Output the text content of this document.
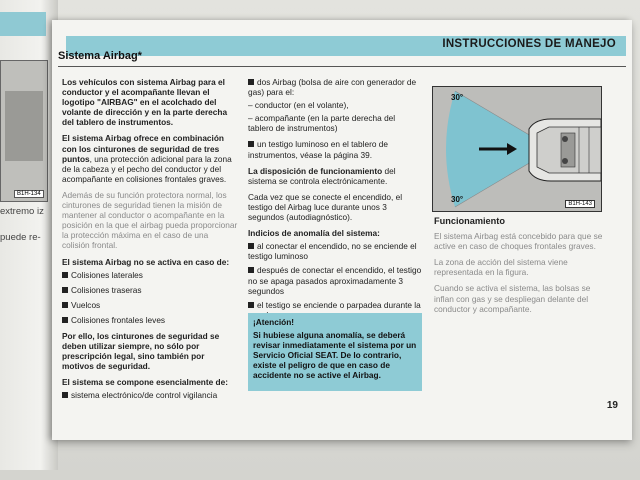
B1H-134
extremo iz
puede re-
INSTRUCCIONES DE MANEJO
Sistema Airbag*

Los vehículos con sistema Airbag para el conductor y el acompañante llevan el logotipo "AIRBAG" en el acolchado del volante de dirección y en la parte derecha del tablero de instrumentos.

El sistema Airbag ofrece en combinación con los cinturones de seguridad de tres puntos, una protección adicional para la zona de la cabeza y el pecho del conductor y del acompañante en colisiones frontales graves.

Además de su función protectora normal, los cinturones de seguridad tienen la misión de mantener al conductor o acompañante en la posición en la que el airbag pueda proporcionar la protección máxima en el caso de una colisión frontal.

El sistema Airbag no se activa en caso de:

Colisiones laterales
Colisiones traseras
Vuelcos
Colisiones frontales leves

Por ello, los cinturones de seguridad se deben utilizar siempre, no sólo por prescripción legal, sino también por motivos de seguridad.

El sistema se compone esencialmente de:

sistema electrónico/de control vigilancia

dos Airbag (bolsa de aire con generador de gas) para el:

– conductor (en el volante),

– acompañante (en la parte derecha del tablero de instrumentos)

un testigo luminoso en el tablero de instrumentos, véase la página 39.

La disposición de funcionamiento del sistema se controla electrónicamente.

Cada vez que se conecte el encendido, el testigo del Airbag luce durante unos 3 segundos (autodiagnóstico).

Indicios de anomalía del sistema:

al conectar el encendido, no se enciende el testigo luminoso

después de conectar el encendido, el testigo no se apaga pasados aproximadamente 3 segundos

el testigo se enciende o parpadea durante la

¡Atención!
Si hubiese alguna anomalía, se deberá revisar inmediatamente el sistema por un Servicio Oficial SEAT. De lo contrario, existe el peligro de que en caso de accidente no se active el Airbag.
30°
30°	B1H-143

Funcionamiento

El sistema Airbag está concebido para que se active en caso de choques frontales graves.

La zona de acción del sistema viene representada en la figura.

Cuando se activa el sistema, las bolsas se inflan con gas y se despliegan delante del conductor y acompañante.

19
